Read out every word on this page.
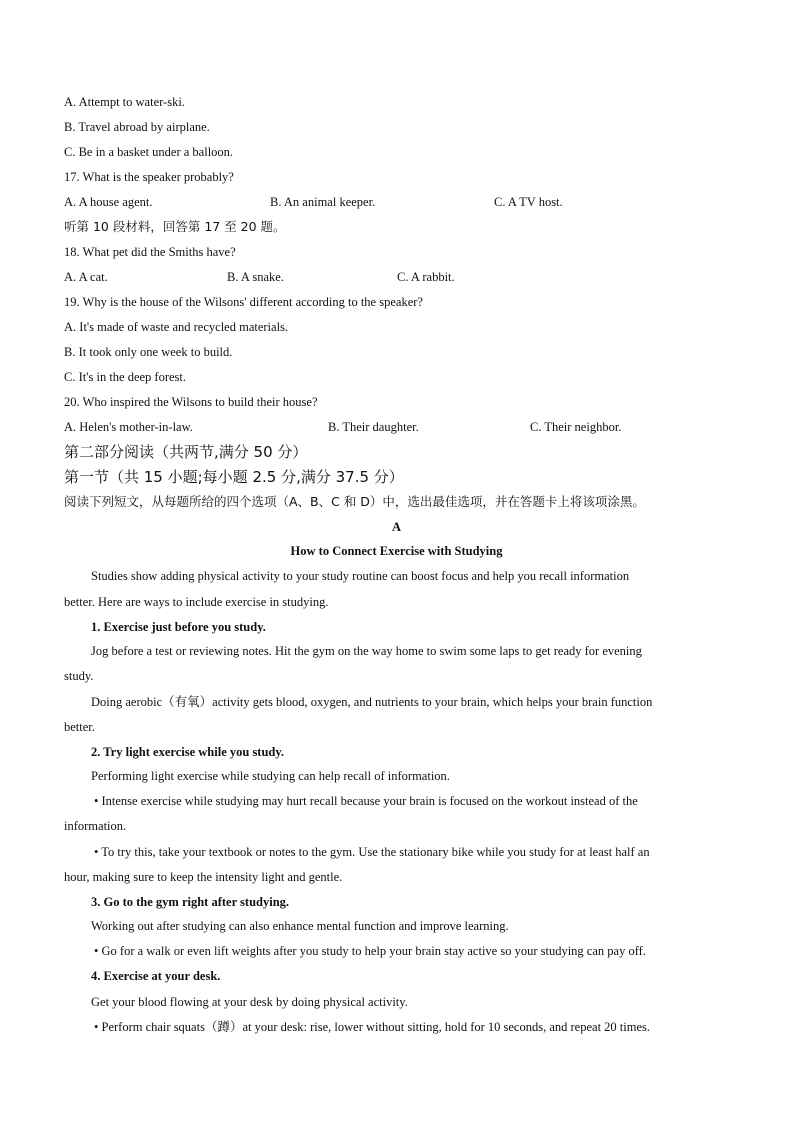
A. Attempt to water-ski.
B. Travel abroad by airplane.
C. Be in a basket under a balloon.
17. What is the speaker probably?
A. A house agent.	B. An animal keeper.	C. A TV host.
听第 10 段材料，回答第 17 至 20 题。
18. What pet did the Smiths have?
A. A cat.	B. A snake.	C. A rabbit.
19. Why is the house of the Wilsons' different according to the speaker?
A. It's made of waste and recycled materials.
B. It took only one week to build.
C. It's in the deep forest.
20. Who inspired the Wilsons to build their house?
A. Helen's mother-in-law.	B. Their daughter.	C. Their neighbor.
第二部分阅读（共两节,满分 50 分）
第一节（共 15 小题;每小题 2.5 分,满分 37.5 分）
阅读下列短文，从每题所给的四个选项（A、B、C 和 D）中，选出最佳选项，并在答题卡上将该项涂黑。
A
How to Connect Exercise with Studying
Studies show adding physical activity to your study routine can boost focus and help you recall information
better. Here are ways to include exercise in studying.
1. Exercise just before you study.
Jog before a test or reviewing notes. Hit the gym on the way home to swim some laps to get ready for evening
study.
Doing aerobic（有氧）activity gets blood, oxygen, and nutrients to your brain, which helps your brain function
better.
2. Try light exercise while you study.
Performing light exercise while studying can help recall of information.
• Intense exercise while studying may hurt recall because your brain is focused on the workout instead of the
information.
• To try this, take your textbook or notes to the gym. Use the stationary bike while you study for at least half an
hour, making sure to keep the intensity light and gentle.
3. Go to the gym right after studying.
Working out after studying can also enhance mental function and improve learning.
• Go for a walk or even lift weights after you study to help your brain stay active so your studying can pay off.
4. Exercise at your desk.
Get your blood flowing at your desk by doing physical activity.
• Perform chair squats（蹲）at your desk: rise, lower without sitting, hold for 10 seconds, and repeat 20 times.
